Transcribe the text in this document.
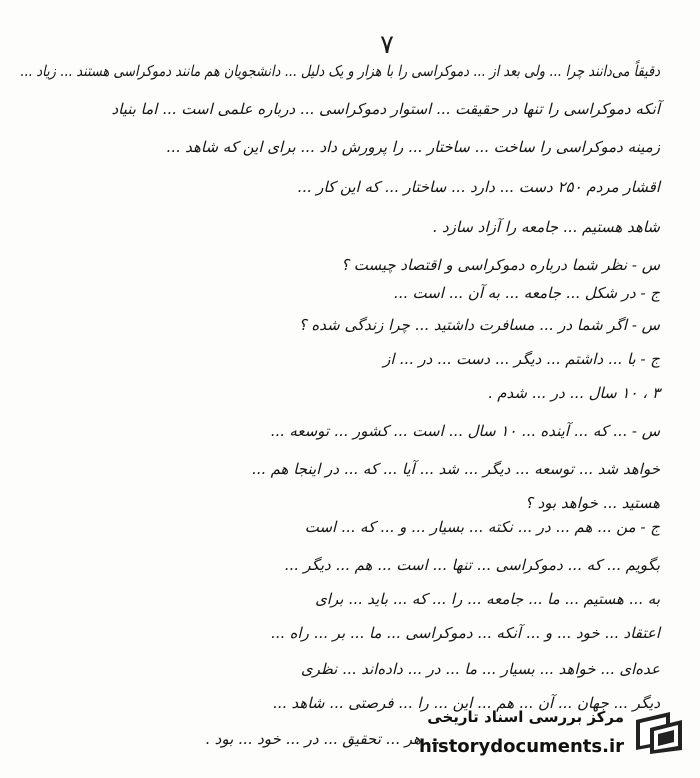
۷
دقیقاً می‌دانند چرا ... ولی بعد از ... دموکراسی را با هزار و یک دلیل ... دانشجویان هم مانند دموکراسی هستند ... زیاد ...
آنکه دموکراسی را تنها در حقیقت ... استوار دموکراسی ... درباره علمی است ... اما بنیاد
زمینه دموکراسی را ساخت ... ساختار ... را پرورش داد ... برای این که شاهد ...
اقشار مردم ۲۵۰ دست ... دارد ... ساختار ... که این کار ...
شاهد هستیم ... جامعه را آزاد سازد .
س - نظر شما درباره دموکراسی و اقتصاد چیست ؟
ج - در شکل ... جامعه ... به آن ... است ...
س - اگر شما در ... مسافرت داشتید ... چرا زندگی شده ؟
ج - با ... داشتم ... دیگر ... دست ... در ... از
۳ ، ۱۰ سال ... در ... شدم .
س - ... که ... آینده ... ۱۰ سال ... است ... کشور ... توسعه ...
خواهد شد ... توسعه ... دیگر ... شد ... آیا ... که ... در اینجا هم ...
هستید ... خواهد بود ؟
ج - من ... هم ... در ... نکته ... بسیار ... و ... که ... است
بگویم ... که ... دموکراسی ... تنها ... است ... هم ... دیگر ...
به ... هستیم ... ما ... جامعه ... را ... که ... باید ... برای
اعتقاد ... خود ... و ... آنکه ... دموکراسی ... ما ... بر ... راه ...
عده‌ای ... خواهد ... بسیار ... ما ... در ... داده‌اند ... نظری
دیگر ... جهان ... آن ... هم ... این ... را ... فرصتی ... شاهد ...
... هر ... تحقیق ... در ... خود ... بود .
مرکز بررسی اسناد تاریخی
historydocuments.ir
